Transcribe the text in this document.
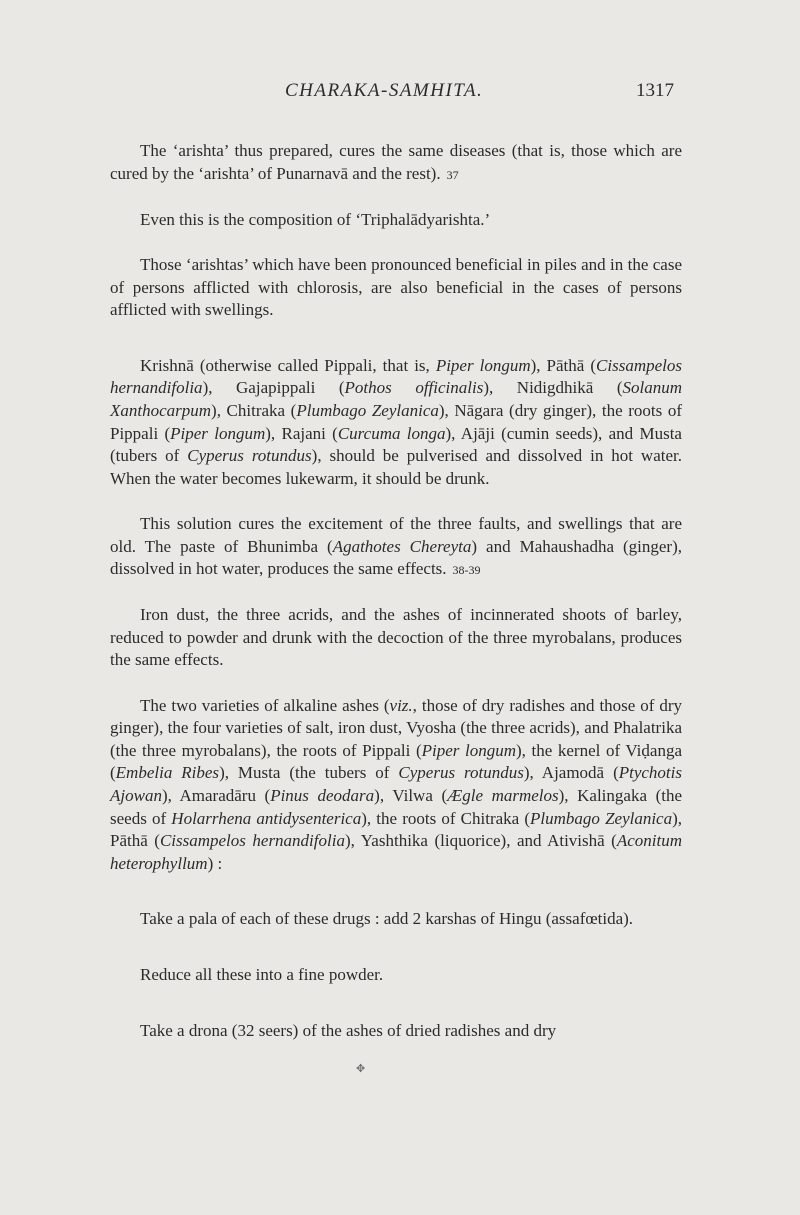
CHARAKA-SAMHITA.	1317

The ‘arishta’ thus prepared, cures the same diseases (that is, those which are cured by the ‘arishta’ of Punarnavā and the rest). 37

Even this is the composition of ‘Triphalādyarishta.’

Those ‘arishtas’ which have been pronounced beneficial in piles and in the case of persons afflicted with chlorosis, are also beneficial in the cases of persons afflicted with swellings.

Krishnā (otherwise called Pippali, that is, Piper longum), Pāthā (Cissampelos hernandifolia), Gajapippali (Pothos officinalis), Nidigdhikā (Solanum Xanthocarpum), Chitraka (Plumbago Zeylanica), Nāgara (dry ginger), the roots of Pippali (Piper longum), Rajani (Curcuma longa), Ajāji (cumin seeds), and Musta (tubers of Cyperus rotundus), should be pulverised and dissolved in hot water. When the water becomes lukewarm, it should be drunk.

This solution cures the excitement of the three faults, and swellings that are old. The paste of Bhunimba (Agathotes Chereyta) and Mahaushadha (ginger), dissolved in hot water, produces the same effects. 38-39

Iron dust, the three acrids, and the ashes of incinnerated shoots of barley, reduced to powder and drunk with the decoction of the three myrobalans, produces the same effects.

The two varieties of alkaline ashes (viz., those of dry radishes and those of dry ginger), the four varieties of salt, iron dust, Vyosha (the three acrids), and Phalatrika (the three myrobalans), the roots of Pippali (Piper longum), the kernel of Viḍanga (Embelia Ribes), Musta (the tubers of Cyperus rotundus), Ajamodā (Ptychotis Ajowan), Amaradāru (Pinus deodara), Vilwa (Ægle marmelos), Kalingaka (the seeds of Holarrhena antidysenterica), the roots of Chitraka (Plumbago Zeylanica), Pāthā (Cissampelos hernandifolia), Yashthika (liquorice), and Ativishā (Aconitum heterophyllum) :

Take a pala of each of these drugs : add 2 karshas of Hingu (assafœtida).

Reduce all these into a fine powder.

Take a drona (32 seers) of the ashes of dried radishes and dry

✥
